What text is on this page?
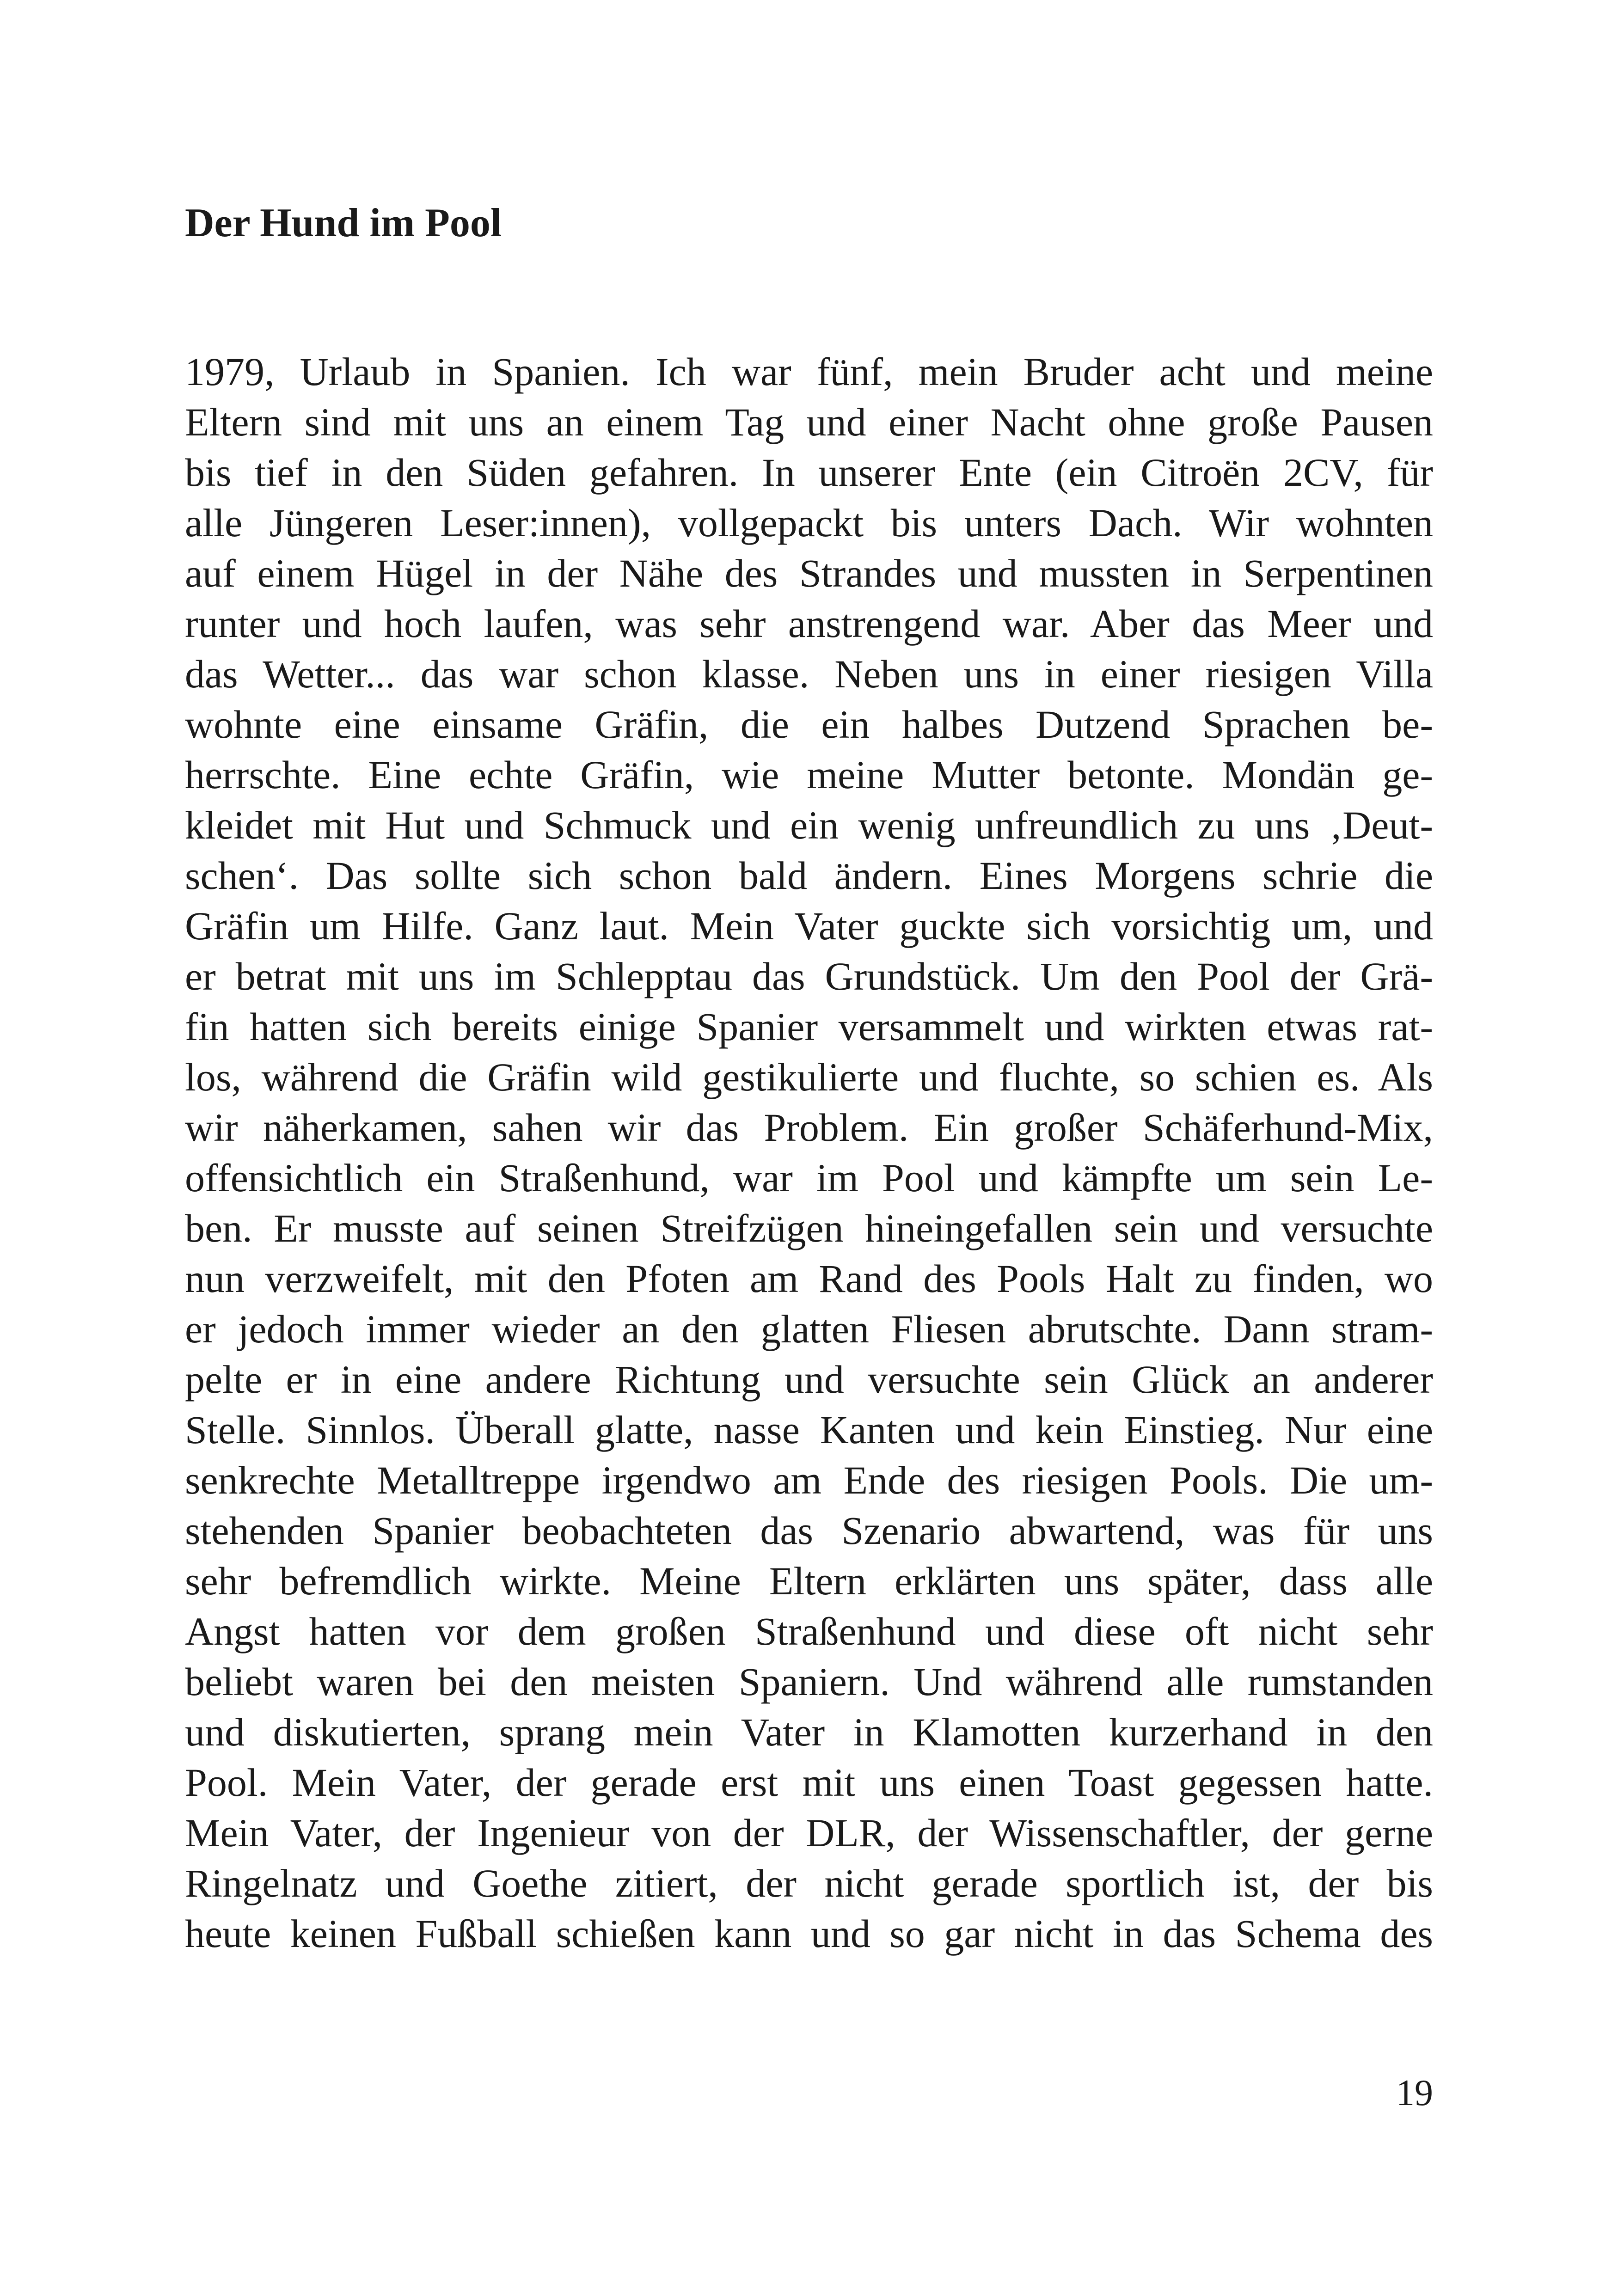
Der Hund im Pool
1979, Urlaub in Spanien. Ich war fünf, mein Bruder acht und meine
Eltern sind mit uns an einem Tag und einer Nacht ohne große Pausen
bis tief in den Süden gefahren. In unserer Ente (ein Citroën 2CV, für
alle Jüngeren Leser:innen), vollgepackt bis unters Dach. Wir wohnten
auf einem Hügel in der Nähe des Strandes und mussten in Serpentinen
runter und hoch laufen, was sehr anstrengend war. Aber das Meer und
das Wetter... das war schon klasse. Neben uns in einer riesigen Villa
wohnte eine einsame Gräfin, die ein halbes Dutzend Sprachen be-
herrschte. Eine echte Gräfin, wie meine Mutter betonte. Mondän ge-
kleidet mit Hut und Schmuck und ein wenig unfreundlich zu uns ‚Deut-
schen‘. Das sollte sich schon bald ändern. Eines Morgens schrie die
Gräfin um Hilfe. Ganz laut. Mein Vater guckte sich vorsichtig um, und
er betrat mit uns im Schlepptau das Grundstück. Um den Pool der Grä-
fin hatten sich bereits einige Spanier versammelt und wirkten etwas rat-
los, während die Gräfin wild gestikulierte und fluchte, so schien es. Als
wir näherkamen, sahen wir das Problem. Ein großer Schäferhund-Mix,
offensichtlich ein Straßenhund, war im Pool und kämpfte um sein Le-
ben. Er musste auf seinen Streifzügen hineingefallen sein und versuchte
nun verzweifelt, mit den Pfoten am Rand des Pools Halt zu finden, wo
er jedoch immer wieder an den glatten Fliesen abrutschte. Dann stram-
pelte er in eine andere Richtung und versuchte sein Glück an anderer
Stelle. Sinnlos. Überall glatte, nasse Kanten und kein Einstieg. Nur eine
senkrechte Metalltreppe irgendwo am Ende des riesigen Pools. Die um-
stehenden Spanier beobachteten das Szenario abwartend, was für uns
sehr befremdlich wirkte. Meine Eltern erklärten uns später, dass alle
Angst hatten vor dem großen Straßenhund und diese oft nicht sehr
beliebt waren bei den meisten Spaniern. Und während alle rumstanden
und diskutierten, sprang mein Vater in Klamotten kurzerhand in den
Pool. Mein Vater, der gerade erst mit uns einen Toast gegessen hatte.
Mein Vater, der Ingenieur von der DLR, der Wissenschaftler, der gerne
Ringelnatz und Goethe zitiert, der nicht gerade sportlich ist, der bis
heute keinen Fußball schießen kann und so gar nicht in das Schema des
19
